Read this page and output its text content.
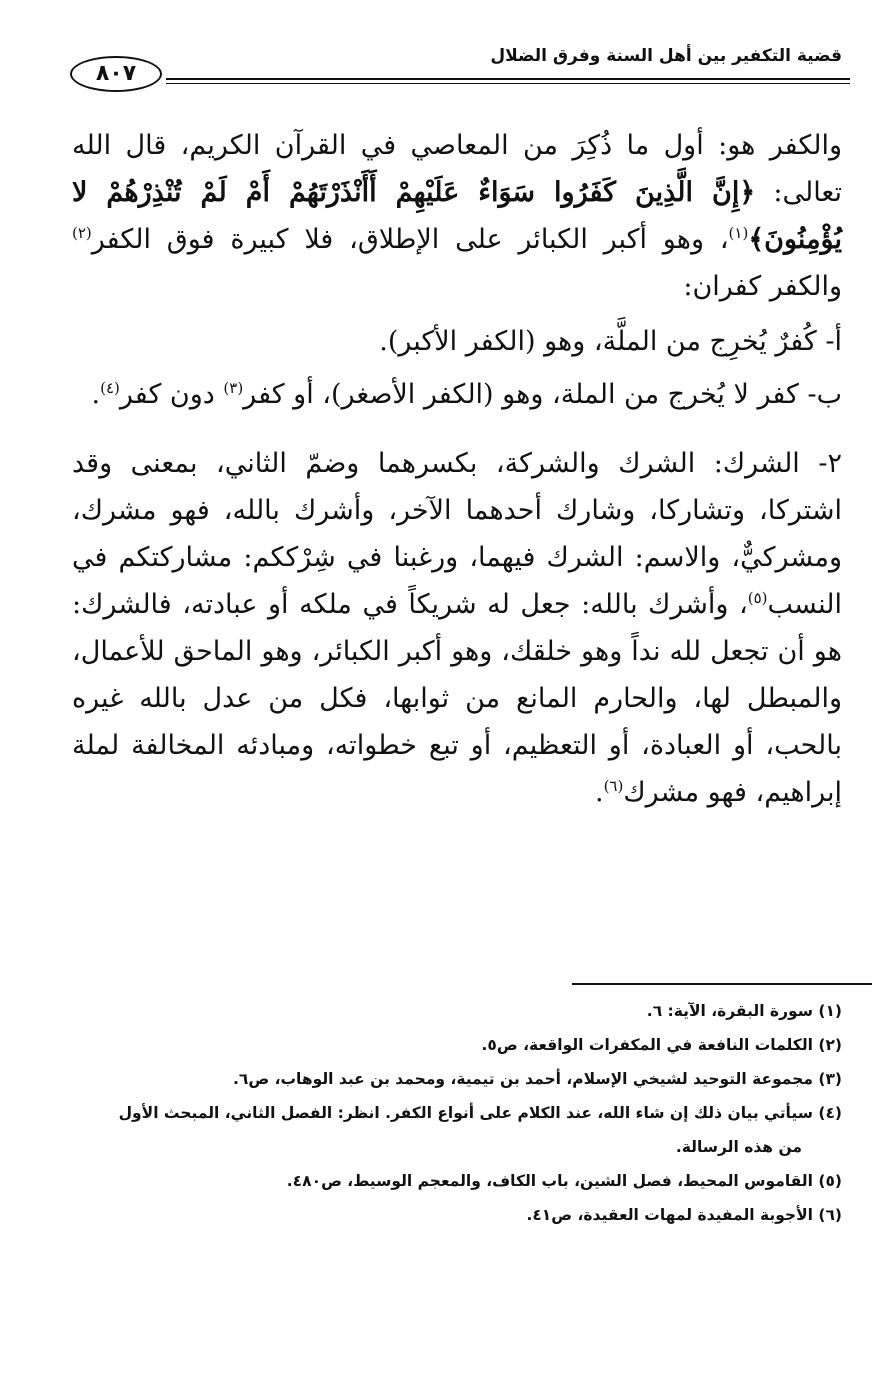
قضية التكفير بين أهل السنة وفرق الضلال
٨٠٧

والكفر هو: أول ما ذُكِرَ من المعاصي في القرآن الكريم، قال الله تعالى: ﴿إِنَّ الَّذِينَ كَفَرُوا سَوَاءٌ عَلَيْهِمْ أَأَنْذَرْتَهُمْ أَمْ لَمْ تُنْذِرْهُمْ لا يُؤْمِنُونَ﴾$^{(١)}$، وهو أكبر الكبائر على الإطلاق، فلا كبيرة فوق الكفر$^{(٢)}$ والكفر كفران:

أ- كُفرٌ يُخرِج من الملَّة، وهو (الكفر الأكبر).

ب- كفر لا يُخرج من الملة، وهو (الكفر الأصغر)، أو كفر$^{(٣)}$ دون كفر$^{(٤)}$.

٢- الشرك: الشرك والشركة، بكسرهما وضمّ الثاني، بمعنى وقد اشتركا، وتشاركا، وشارك أحدهما الآخر، وأشرك بالله، فهو مشرك، ومشركيٌّ، والاسم: الشرك فيهما، ورغبنا في شِرْككم: مشاركتكم في النسب$^{(٥)}$، وأشرك بالله: جعل له شريكاً في ملكه أو عبادته، فالشرك: هو أن تجعل لله نداً وهو خلقك، وهو أكبر الكبائر، وهو الماحق للأعمال، والمبطل لها، والحارم المانع من ثوابها، فكل من عدل بالله غيره بالحب، أو العبادة، أو التعظيم، أو تبع خطواته، ومبادئه المخالفة لملة إبراهيم، فهو مشرك$^{(٦)}$.

(١) سورة البقرة، الآية: ٦.

(٢) الكلمات النافعة في المكفرات الواقعة، ص٥.

(٣) مجموعة التوحيد لشيخي الإسلام، أحمد بن تيمية، ومحمد بن عبد الوهاب، ص٦.

(٤) سيأتي بيان ذلك إن شاء الله، عند الكلام على أنواع الكفر. انظر: الفصل الثاني، المبحث الأول

من هذه الرسالة.

(٥) القاموس المحيط، فصل الشين، باب الكاف، والمعجم الوسيط، ص٤٨٠.

(٦) الأجوبة المفيدة لمهات العقيدة، ص٤١.
